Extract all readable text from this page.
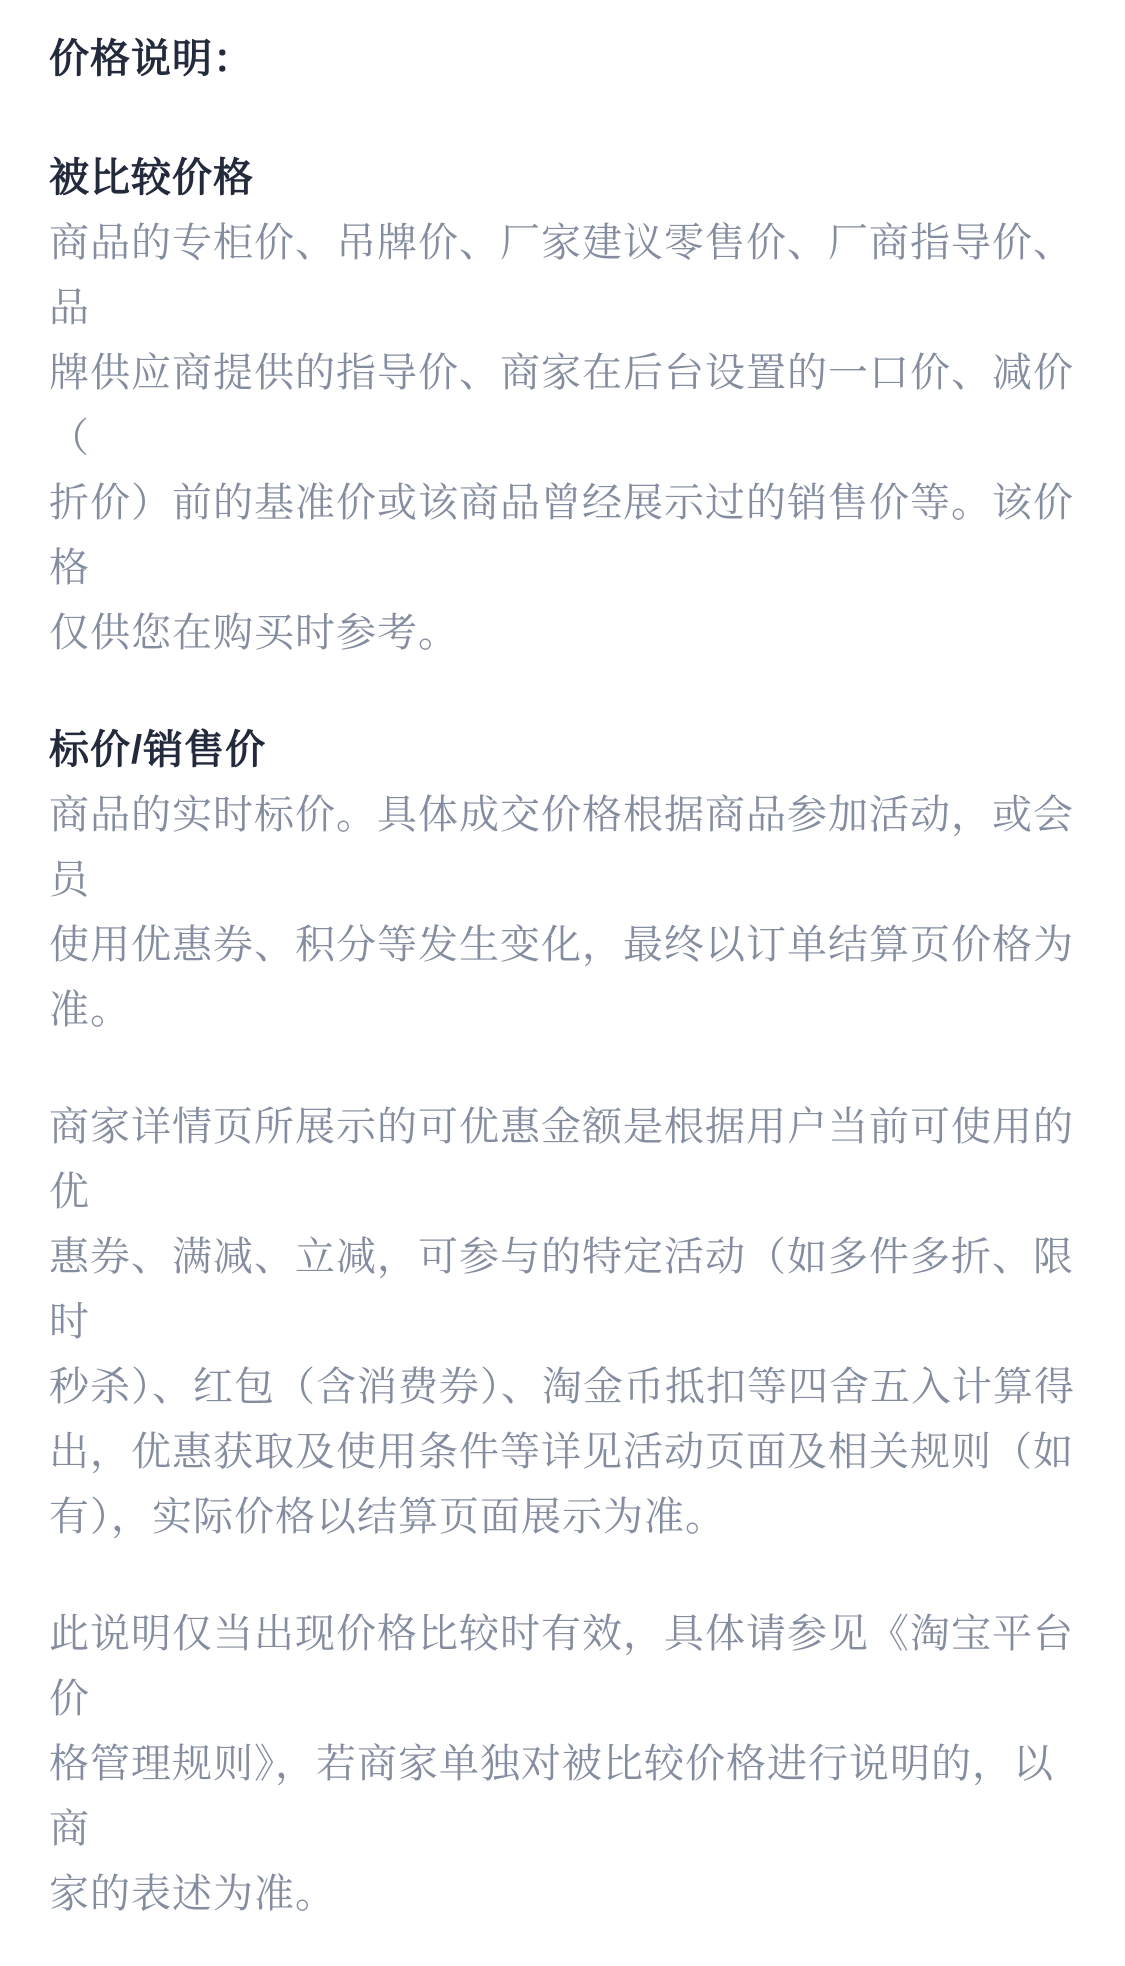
价格说明：
被比较价格

商品的专柜价、吊牌价、厂家建议零售价、厂商指导价、品
牌供应商提供的指导价、商家在后台设置的一口价、减价（
折价）前的基准价或该商品曾经展示过的销售价等。该价格
仅供您在购买时参考。

标价/销售价

商品的实时标价。具体成交价格根据商品参加活动，或会员
使用优惠券、积分等发生变化，最终以订单结算页价格为
准。

商家详情页所展示的可优惠金额是根据用户当前可使用的优
惠券、满减、立减，可参与的特定活动（如多件多折、限时
秒杀）、红包（含消费券）、淘金币抵扣等四舍五入计算得
出，优惠获取及使用条件等详见活动页面及相关规则（如
有），实际价格以结算页面展示为准。

此说明仅当出现价格比较时有效，具体请参见《淘宝平台价
格管理规则》，若商家单独对被比较价格进行说明的，以商
家的表述为准。
